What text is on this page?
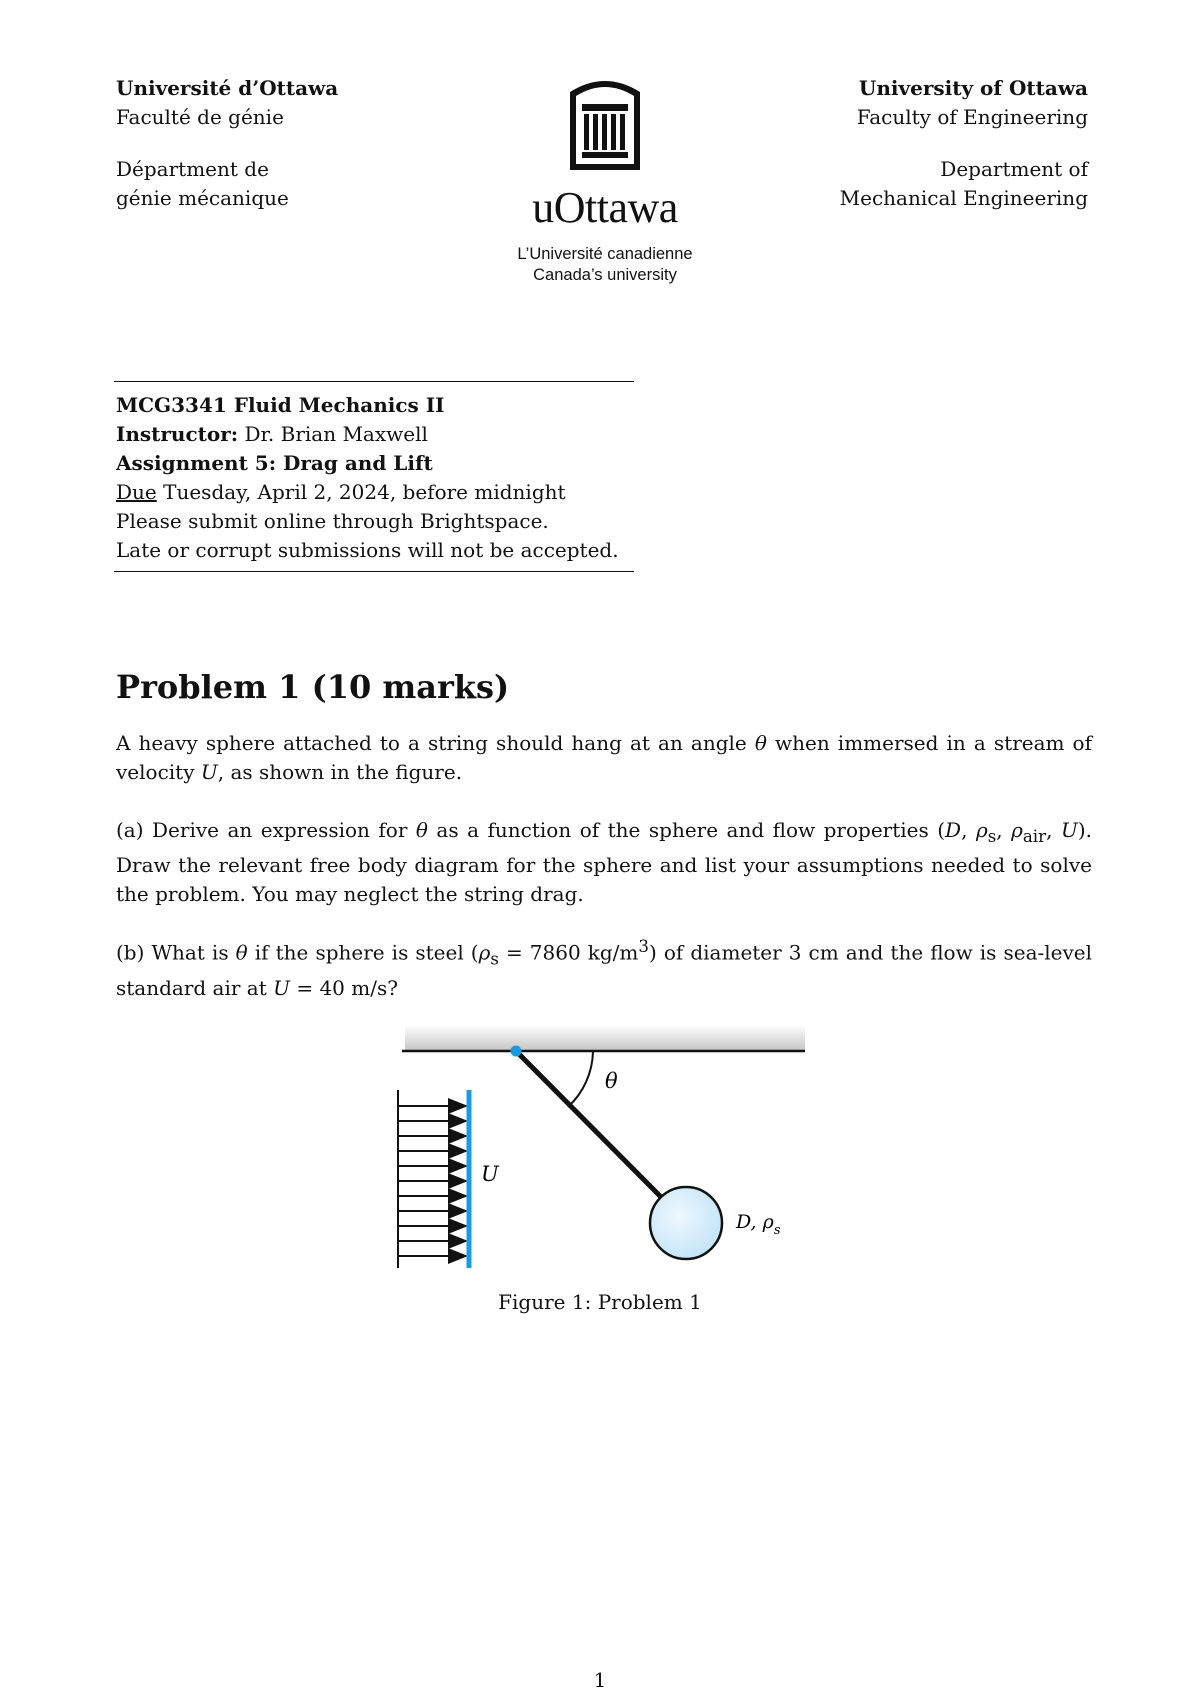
Université d’Ottawa
Faculté de génie
Départment de
génie mécanique	uOttawa
L’Université canadienne
Canada’s university
University of Ottawa
Faculty of Engineering
Department of
Mechanical Engineering
MCG3341 Fluid Mechanics II
Instructor: Dr. Brian Maxwell
Assignment 5: Drag and Lift
Due Tuesday, April 2, 2024, before midnight
Please submit online through Brightspace.
Late or corrupt submissions will not be accepted.
Problem 1 (10 marks)
A heavy sphere attached to a string should hang at an angle θ when immersed in a stream of velocity U, as shown in the figure.
(a) Derive an expression for θ as a function of the sphere and flow properties (D, $\rho_s$, $\rho_{air}$, U). Draw the relevant free body diagram for the sphere and list your assumptions needed to solve the problem. You may neglect the string drag.
(b) What is θ if the sphere is steel ($\rho_s = 7860$ $kg/m^3$) of diameter 3 cm and the flow is sea-level standard air at U = 40 m/s?
θ
U
D, $\rho_s$
Figure 1: Problem 1
1
